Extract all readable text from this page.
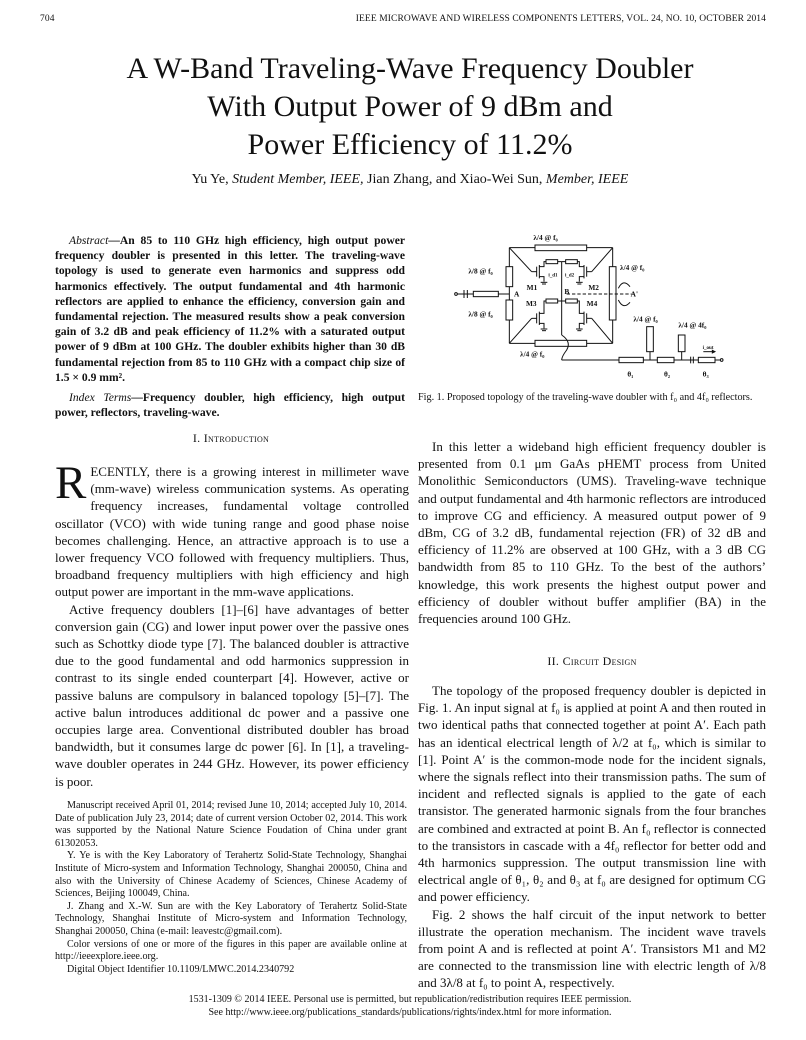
704	IEEE MICROWAVE AND WIRELESS COMPONENTS LETTERS, VOL. 24, NO. 10, OCTOBER 2014
A W-Band Traveling-Wave Frequency Doubler
With Output Power of 9 dBm and
Power Efficiency of 11.2%
Yu Ye, Student Member, IEEE, Jian Zhang, and Xiao-Wei Sun, Member, IEEE

Abstract—An 85 to 110 GHz high efficiency, high output power frequency doubler is presented in this letter. The traveling-wave topology is used to generate even harmonics and suppress odd harmonics effectively. The output fundamental and 4th harmonic reflectors are applied to enhance the efficiency, conversion gain and fundamental rejection. The measured results show a peak conversion gain of 3.2 dB and peak efficiency of 11.2% with a saturated output power of 9 dBm at 100 GHz. The doubler exhibits higher than 30 dB fundamental rejection from 85 to 110 GHz with a compact chip size of 1.5 × 0.9 mm².

Index Terms—Frequency doubler, high efficiency, high output power, reflectors, traveling-wave.

I. Introduction

RECENTLY, there is a growing interest in millimeter wave (mm-wave) wireless communication systems. As operating frequency increases, fundamental voltage controlled oscillator (VCO) with wide tuning range and good phase noise becomes challenging. Hence, an attractive approach is to use a lower frequency VCO followed with frequency multipliers. Thus, broadband frequency multipliers with high efficiency and high output power are important in the mm-wave applications.

Active frequency doublers [1]–[6] have advantages of better conversion gain (CG) and lower input power over the passive ones such as Schottky diode type [7]. The balanced doubler is attractive due to the good fundamental and odd harmonics suppression in contrast to its single ended counterpart [4]. However, active or passive baluns are compulsory in balanced topology [5]–[7]. The active balun introduces additional dc power and a passive one occupies large area. Conventional distributed doubler has broad bandwidth, but it consumes large dc power [6]. In [1], a traveling-wave doubler operates in 244 GHz. However, its power efficiency is poor.

Manuscript received April 01, 2014; revised June 10, 2014; accepted July 10, 2014. Date of publication July 23, 2014; date of current version October 02, 2014. This work was supported by the National Nature Science Foudation of China under grant 61302053.

Y. Ye is with the Key Laboratory of Terahertz Solid-State Technology, Shanghai Institute of Micro-system and Information Technology, Shanghai 200050, China and also with the University of Chinese Academy of Sciences, Chinese Academy of Sciences, Beijing 100049, China.

J. Zhang and X.-W. Sun are with the Key Laboratory of Terahertz Solid-State Technology, Shanghai Institute of Micro-system and Information Technology, Shanghai 200050, China (e-mail: leavestc@gmail.com).

Color versions of one or more of the figures in this paper are available online at http://ieeexplore.ieee.org.

Digital Object Identifier 10.1109/LMWC.2014.2340792

λ/4 @ f₀
λ/8 @ f₀
λ/8 @ f₀
λ/4 @ f₀
λ/4 @ f₀
λ/4 @ f₀
λ/4 @ 4f₀
A B	A'
M1 M2
M3 M4
i_d1 i_d2
i_out
θ₁ θ₂ θ₃
Fig. 1. Proposed topology of the traveling-wave doubler with f₀ and 4f₀ reflectors.

In this letter a wideband high efficient frequency doubler is presented from 0.1 μm GaAs pHEMT process from United Monolithic Semiconductors (UMS). Traveling-wave technique and output fundamental and 4th harmonic reflectors are introduced to improve CG and efficiency. A measured output power of 9 dBm, CG of 3.2 dB, fundamental rejection (FR) of 32 dB and efficiency of 11.2% are observed at 100 GHz, with a 3 dB CG bandwidth from 85 to 110 GHz. To the best of the authors’ knowledge, this work presents the highest output power and efficiency of doubler without buffer amplifier (BA) in the frequencies around 100 GHz.

II. Circuit Design

The topology of the proposed frequency doubler is depicted in Fig. 1. An input signal at f₀ is applied at point A and then routed in two identical paths that connected together at point A′. Each path has an identical electrical length of λ/2 at f₀, which is similar to [1]. Point A′ is the common-mode node for the incident signals, where the signals reflect into their transmission paths. The sum of incident and reflected signals is applied to the gate of each transistor. The generated harmonic signals from the four branches are combined and extracted at point B. An f₀ reflector is connected to the transistors in cascade with a 4f₀ reflector for better odd and 4th harmonics suppression. The output transmission line with electrical angle of θ₁, θ₂ and θ₃ at f₀ are designed for optimum CG and power efficiency.

Fig. 2 shows the half circuit of the input network to better illustrate the operation mechanism. The incident wave travels from point A and is reflected at point A′. Transistors M1 and M2 are connected to the transmission line with electric length of λ/8 and 3λ/8 at f₀ to point A, respectively.

1531-1309 © 2014 IEEE. Personal use is permitted, but republication/redistribution requires IEEE permission.
See http://www.ieee.org/publications_standards/publications/rights/index.html for more information.
